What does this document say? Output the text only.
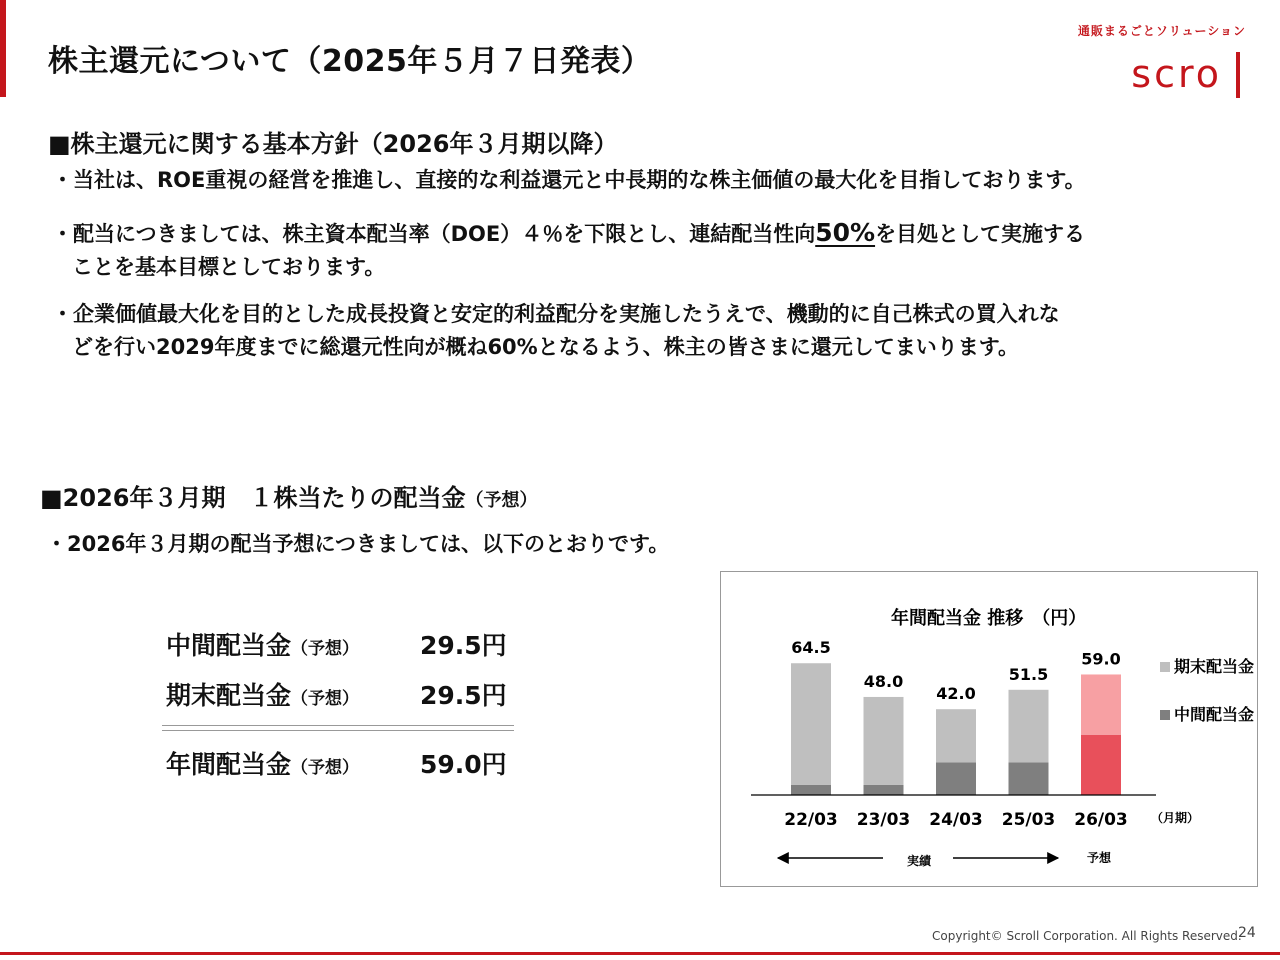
株主還元について（2025年５月７日発表）
通販まるごとソリューション
scro
■株主還元に関する基本方針（2026年３月期以降）
・当社は、ROE重視の経営を推進し、直接的な利益還元と中長期的な株主価値の最大化を目指しております。
・配当につきましては、株主資本配当率（DOE）４％を下限とし、連結配当性向50%を目処として実施する
ことを基本目標としております。
・企業価値最大化を目的とした成長投資と安定的利益配分を実施したうえで、機動的に自己株式の買入れな
どを行い2029年度までに総還元性向が概ね60%となるよう、株主の皆さまに還元してまいります。
■2026年３月期　１株当たりの配当金（予想）
・2026年３月期の配当予想につきましては、以下のとおりです。
中間配当金（予想） 29.5円
期末配当金（予想） 29.5円
年間配当金（予想） 59.0円
年間配当金 推移　（円）
64.5
22/03
48.0
23/03
42.0
24/03
51.5
25/03
59.0
26/03 （月期）
実績	予想
期末配当金
中間配当金
Copyright© Scroll Corporation. All Rights Reserved.
24
